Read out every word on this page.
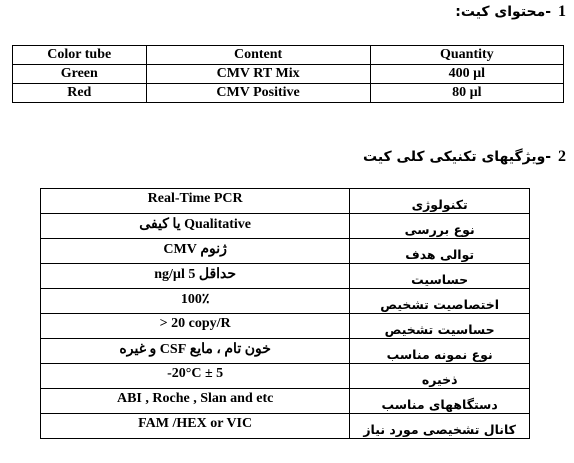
1 -محتوای کیت:
Color tube	Content	Quantity
Green	CMV RT Mix	400 µl
Red	CMV Positive	80 µl
2 -ویژگیهای تکنیکی کلی کیت
Real-Time PCR	تکنولوژی
Qualitative یا کیفی	نوع بررسی
ژنوم CMV	توالی هدف
حداقل 5 ng/µl	حساسیت
100٪	اختصاصیت تشخیص
> 20 copy/R	حساسیت تشخیص
خون تام ، مایع CSF و غیره	نوع نمونه مناسب
-20°C ± 5	ذخیره
ABI , Roche , Slan and etc	دستگاههای مناسب
FAM /HEX or VIC	کانال تشخیصی مورد نیاز
